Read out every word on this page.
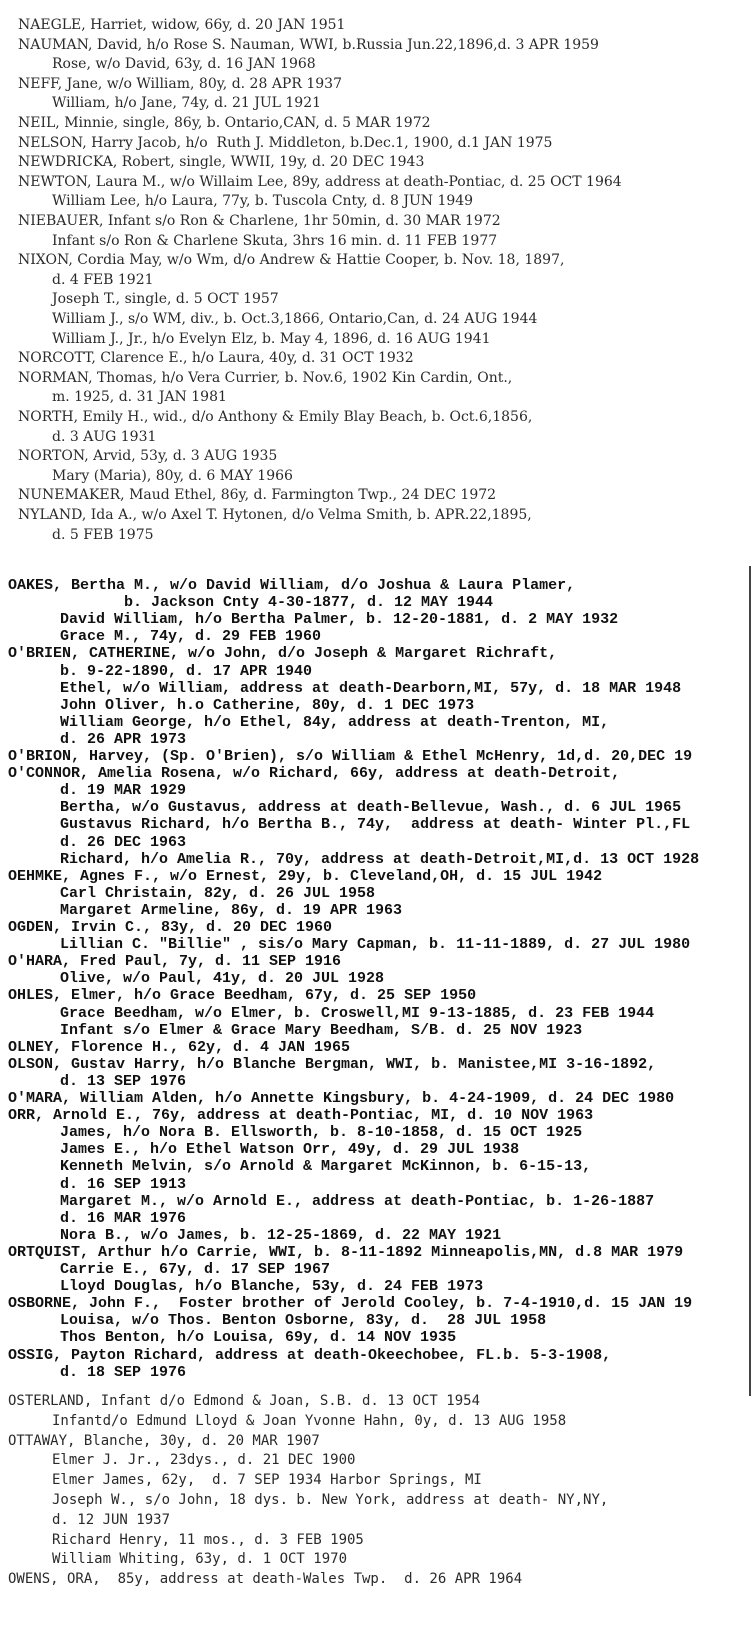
NAEGLE, Harriet, widow, 66y, d. 20 JAN 1951
NAUMAN, David, h/o Rose S. Nauman, WWI, b.Russia Jun.22,1896,d. 3 APR 1959
Rose, w/o David, 63y, d. 16 JAN 1968
NEFF, Jane, w/o William, 80y, d. 28 APR 1937
William, h/o Jane, 74y, d. 21 JUL 1921
NEIL, Minnie, single, 86y, b. Ontario,CAN, d. 5 MAR 1972
NELSON, Harry Jacob, h/o  Ruth J. Middleton, b.Dec.1, 1900, d.1 JAN 1975
NEWDRICKA, Robert, single, WWII, 19y, d. 20 DEC 1943
NEWTON, Laura M., w/o Willaim Lee, 89y, address at death-Pontiac, d. 25 OCT 1964
William Lee, h/o Laura, 77y, b. Tuscola Cnty, d. 8 JUN 1949
NIEBAUER, Infant s/o Ron & Charlene, 1hr 50min, d. 30 MAR 1972
Infant s/o Ron & Charlene Skuta, 3hrs 16 min. d. 11 FEB 1977
NIXON, Cordia May, w/o Wm, d/o Andrew & Hattie Cooper, b. Nov. 18, 1897,
d. 4 FEB 1921
Joseph T., single, d. 5 OCT 1957
William J., s/o WM, div., b. Oct.3,1866, Ontario,Can, d. 24 AUG 1944
William J., Jr., h/o Evelyn Elz, b. May 4, 1896, d. 16 AUG 1941
NORCOTT, Clarence E., h/o Laura, 40y, d. 31 OCT 1932
NORMAN, Thomas, h/o Vera Currier, b. Nov.6, 1902 Kin Cardin, Ont.,
m. 1925, d. 31 JAN 1981
NORTH, Emily H., wid., d/o Anthony & Emily Blay Beach, b. Oct.6,1856,
d. 3 AUG 1931
NORTON, Arvid, 53y, d. 3 AUG 1935
Mary (Maria), 80y, d. 6 MAY 1966
NUNEMAKER, Maud Ethel, 86y, d. Farmington Twp., 24 DEC 1972
NYLAND, Ida A., w/o Axel T. Hytonen, d/o Velma Smith, b. APR.22,1895,
d. 5 FEB 1975
OAKES, Bertha M., w/o David William, d/o Joshua & Laura Plamer,
b. Jackson Cnty 4-30-1877, d. 12 MAY 1944
David William, h/o Bertha Palmer, b. 12-20-1881, d. 2 MAY 1932
Grace M., 74y, d. 29 FEB 1960
O'BRIEN, CATHERINE, w/o John, d/o Joseph & Margaret Richraft,
b. 9-22-1890, d. 17 APR 1940
Ethel, w/o William, address at death-Dearborn,MI, 57y, d. 18 MAR 1948
John Oliver, h.o Catherine, 80y, d. 1 DEC 1973
William George, h/o Ethel, 84y, address at death-Trenton, MI,
d. 26 APR 1973
O'BRION, Harvey, (Sp. O'Brien), s/o William & Ethel McHenry, 1d,d. 20,DEC 19
O'CONNOR, Amelia Rosena, w/o Richard, 66y, address at death-Detroit,
d. 19 MAR 1929
Bertha, w/o Gustavus, address at death-Bellevue, Wash., d. 6 JUL 1965
Gustavus Richard, h/o Bertha B., 74y,  address at death- Winter Pl.,FL
d. 26 DEC 1963
Richard, h/o Amelia R., 70y, address at death-Detroit,MI,d. 13 OCT 1928
OEHMKE, Agnes F., w/o Ernest, 29y, b. Cleveland,OH, d. 15 JUL 1942
Carl Christain, 82y, d. 26 JUL 1958
Margaret Armeline, 86y, d. 19 APR 1963
OGDEN, Irvin C., 83y, d. 20 DEC 1960
Lillian C. "Billie" , sis/o Mary Capman, b. 11-11-1889, d. 27 JUL 1980
O'HARA, Fred Paul, 7y, d. 11 SEP 1916
Olive, w/o Paul, 41y, d. 20 JUL 1928
OHLES, Elmer, h/o Grace Beedham, 67y, d. 25 SEP 1950
Grace Beedham, w/o Elmer, b. Croswell,MI 9-13-1885, d. 23 FEB 1944
Infant s/o Elmer & Grace Mary Beedham, S/B. d. 25 NOV 1923
OLNEY, Florence H., 62y, d. 4 JAN 1965
OLSON, Gustav Harry, h/o Blanche Bergman, WWI, b. Manistee,MI 3-16-1892,
d. 13 SEP 1976
O'MARA, William Alden, h/o Annette Kingsbury, b. 4-24-1909, d. 24 DEC 1980
ORR, Arnold E., 76y, address at death-Pontiac, MI, d. 10 NOV 1963
James, h/o Nora B. Ellsworth, b. 8-10-1858, d. 15 OCT 1925
James E., h/o Ethel Watson Orr, 49y, d. 29 JUL 1938
Kenneth Melvin, s/o Arnold & Margaret McKinnon, b. 6-15-13,
d. 16 SEP 1913
Margaret M., w/o Arnold E., address at death-Pontiac, b. 1-26-1887
d. 16 MAR 1976
Nora B., w/o James, b. 12-25-1869, d. 22 MAY 1921
ORTQUIST, Arthur h/o Carrie, WWI, b. 8-11-1892 Minneapolis,MN, d.8 MAR 1979
Carrie E., 67y, d. 17 SEP 1967
Lloyd Douglas, h/o Blanche, 53y, d. 24 FEB 1973
OSBORNE, John F.,  Foster brother of Jerold Cooley, b. 7-4-1910,d. 15 JAN 19
Louisa, w/o Thos. Benton Osborne, 83y, d.  28 JUL 1958
Thos Benton, h/o Louisa, 69y, d. 14 NOV 1935
OSSIG, Payton Richard, address at death-Okeechobee, FL.b. 5-3-1908,
d. 18 SEP 1976
OSTERLAND, Infant d/o Edmond & Joan, S.B. d. 13 OCT 1954
Infantd/o Edmund Lloyd & Joan Yvonne Hahn, 0y, d. 13 AUG 1958
OTTAWAY, Blanche, 30y, d. 20 MAR 1907
Elmer J. Jr., 23dys., d. 21 DEC 1900
Elmer James, 62y,  d. 7 SEP 1934 Harbor Springs, MI
Joseph W., s/o John, 18 dys. b. New York, address at death- NY,NY,
d. 12 JUN 1937
Richard Henry, 11 mos., d. 3 FEB 1905
William Whiting, 63y, d. 1 OCT 1970
OWENS, ORA,  85y, address at death-Wales Twp.  d. 26 APR 1964
